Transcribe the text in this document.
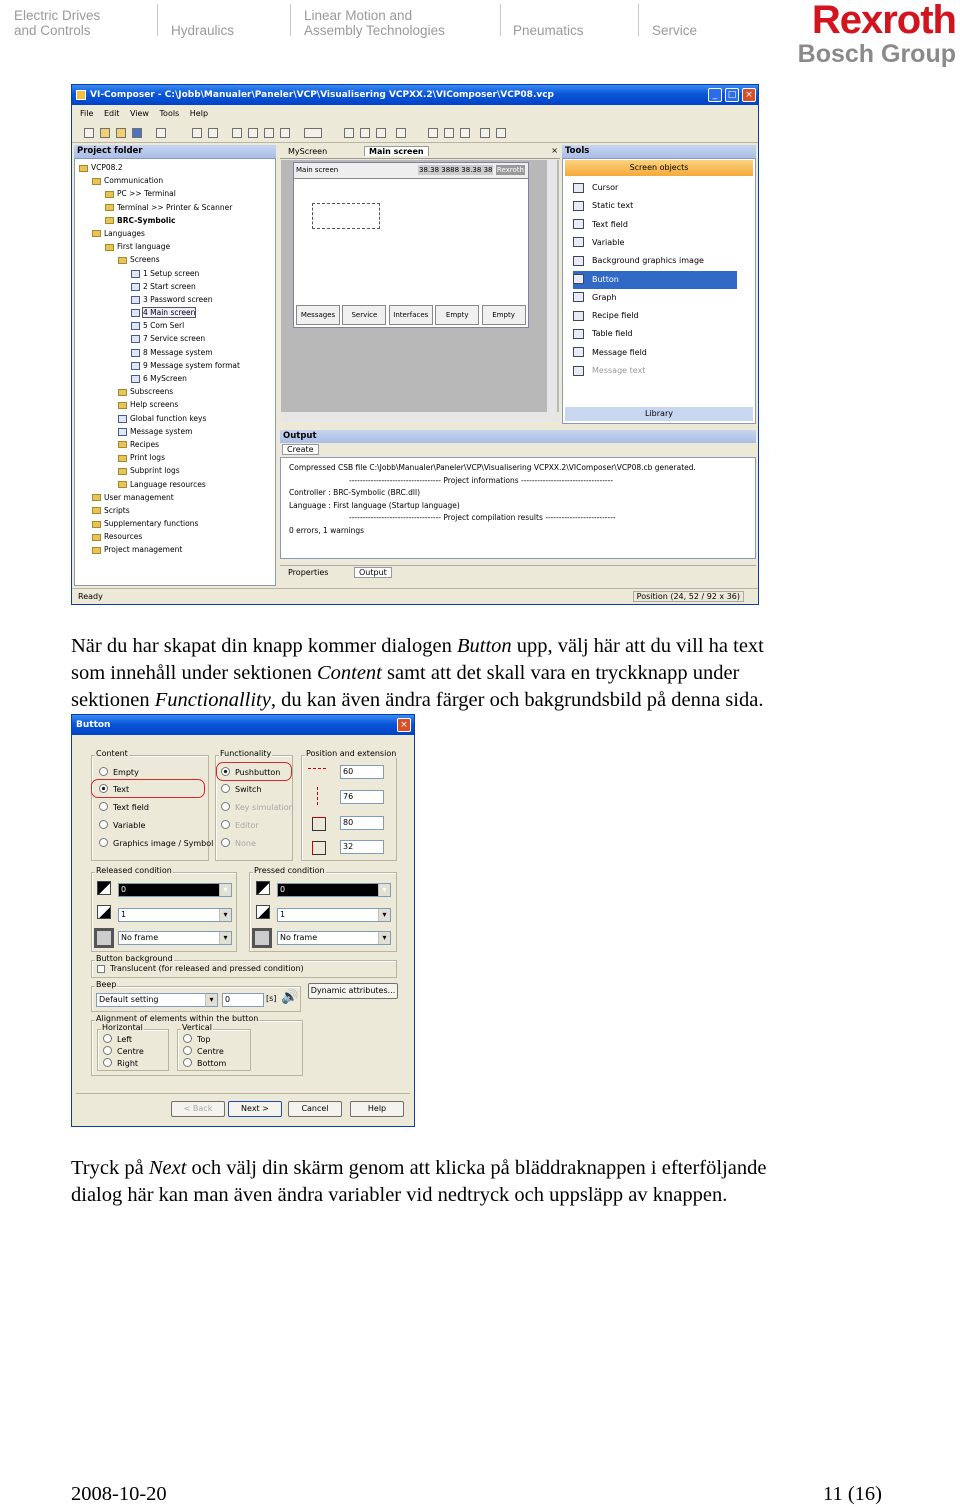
Electric Drives
and Controls	Hydraulics
Linear Motion and
Assembly Technologies	Pneumatics	Service	Rexroth
Bosch Group
VI-Composer - C:\Jobb\Manualer\Paneler\VCP\Visualisering VCPXX.2\VIComposer\VCP08.vcp	_	□ ×
File Edit View Tools Help
Project folder
VCP08.2
Communication
PC >> Terminal
Terminal >> Printer & Scanner
BRC-Symbolic
Languages
First language
Screens
1 Setup screen
2 Start screen
3 Password screen
4 Main screen
5 Com Serl
7 Service screen
8 Message system
9 Message system format
6 MyScreen
Subscreens
Help screens
Global function keys
Message system
Recipes
Print logs
Subprint logs
Language resources
User management
Scripts
Supplementary functions
Resources
Project management
MyScreen	Main screen	×
Main screen	38.38 3888 38.38 38 Rexroth
Messages	Service	Interfaces	Empty	Empty
Tools
Screen objects
Cursor
Static text
Text field
Variable
Background graphics image
Button
Graph
Recipe field
Table field
Message field
Message text
Library
Output
Create
Compressed CSB file C:\Jobb\Manualer\Paneler\VCP\Visualisering VCPXX.2\VIComposer\VCP08.cb generated.
---------------------------------- Project informations ----------------------------------
Controller : BRC-Symbolic (BRC.dll)
Language : First language (Startup language)
---------------------------------- Project compilation results --------------------------
0 errors, 1 warnings
Properties	Output
Ready	Position (24, 52 / 92 x 36)
När du har skapat din knapp kommer dialogen Button upp, välj här att du vill ha text
som innehåll under sektionen Content samt att det skall vara en tryckknapp under
sektionen Functionallity, du kan även ändra färger och bakgrundsbild på denna sida.
Button	×
Content
Empty
Text
Text field
Variable
Graphics image / Symbol
Functionality
Pushbutton
Switch
Key simulation
Editor
None
Position and extension
60
76
80
32
Released condition
0 ▾
1 ▾
No frame ▾
Pressed condition
0 ▾
1 ▾
No frame ▾
Button background
Translucent (for released and pressed condition)
Beep
Default setting ▾	0	[s] 🔊	Dynamic attributes...
Alignment of elements within the button
Horizontal
Left
Centre
Right
Vertical
Top
Centre
Bottom
< Back	Next >	Cancel	Help
Tryck på Next och välj din skärm genom att klicka på bläddraknappen i efterföljande
dialog här kan man även ändra variabler vid nedtryck och uppsläpp av knappen.
2008-10-20	11 (16)
